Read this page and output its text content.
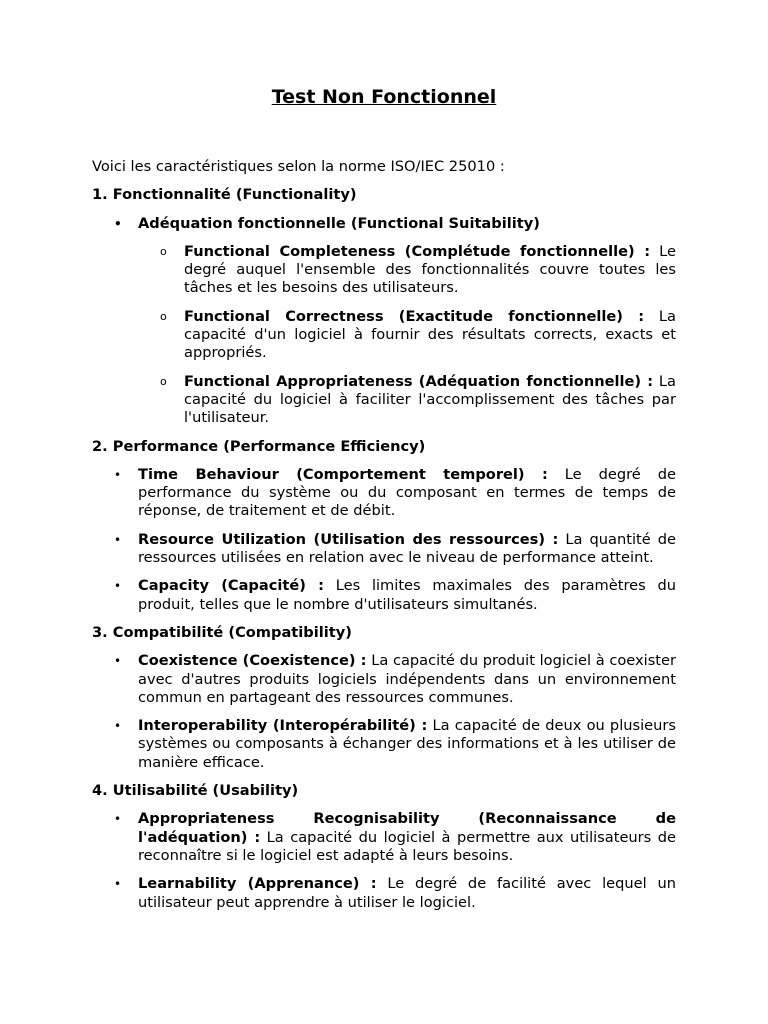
Test Non Fonctionnel
Voici les caractéristiques selon la norme ISO/IEC 25010 :
1. Fonctionnalité (Functionality)
• Adéquation fonctionnelle (Functional Suitability)
o Functional Completeness (Complétude fonctionnelle) : Le degré auquel l'ensemble des fonctionnalités couvre toutes les tâches et les besoins des utilisateurs.
o Functional Correctness (Exactitude fonctionnelle) : La capacité d'un logiciel à fournir des résultats corrects, exacts et appropriés.
o Functional Appropriateness (Adéquation fonctionnelle) : La capacité du logiciel à faciliter l'accomplissement des tâches par l'utilisateur.
2. Performance (Performance Efficiency)
• Time Behaviour (Comportement temporel) : Le degré de performance du système ou du composant en termes de temps de réponse, de traitement et de débit.
• Resource Utilization (Utilisation des ressources) : La quantité de ressources utilisées en relation avec le niveau de performance atteint.
• Capacity (Capacité) : Les limites maximales des paramètres du produit, telles que le nombre d'utilisateurs simultanés.
3. Compatibilité (Compatibility)
• Coexistence (Coexistence) : La capacité du produit logiciel à coexister avec d'autres produits logiciels indépendents dans un environnement commun en partageant des ressources communes.
• Interoperability (Interopérabilité) : La capacité de deux ou plusieurs systèmes ou composants à échanger des informations et à les utiliser de manière efficace.
4. Utilisabilité (Usability)
• Appropriateness Recognisability (Reconnaissance de l'adéquation) : La capacité du logiciel à permettre aux utilisateurs de reconnaître si le logiciel est adapté à leurs besoins.
• Learnability (Apprenance) : Le degré de facilité avec lequel un utilisateur peut apprendre à utiliser le logiciel.
